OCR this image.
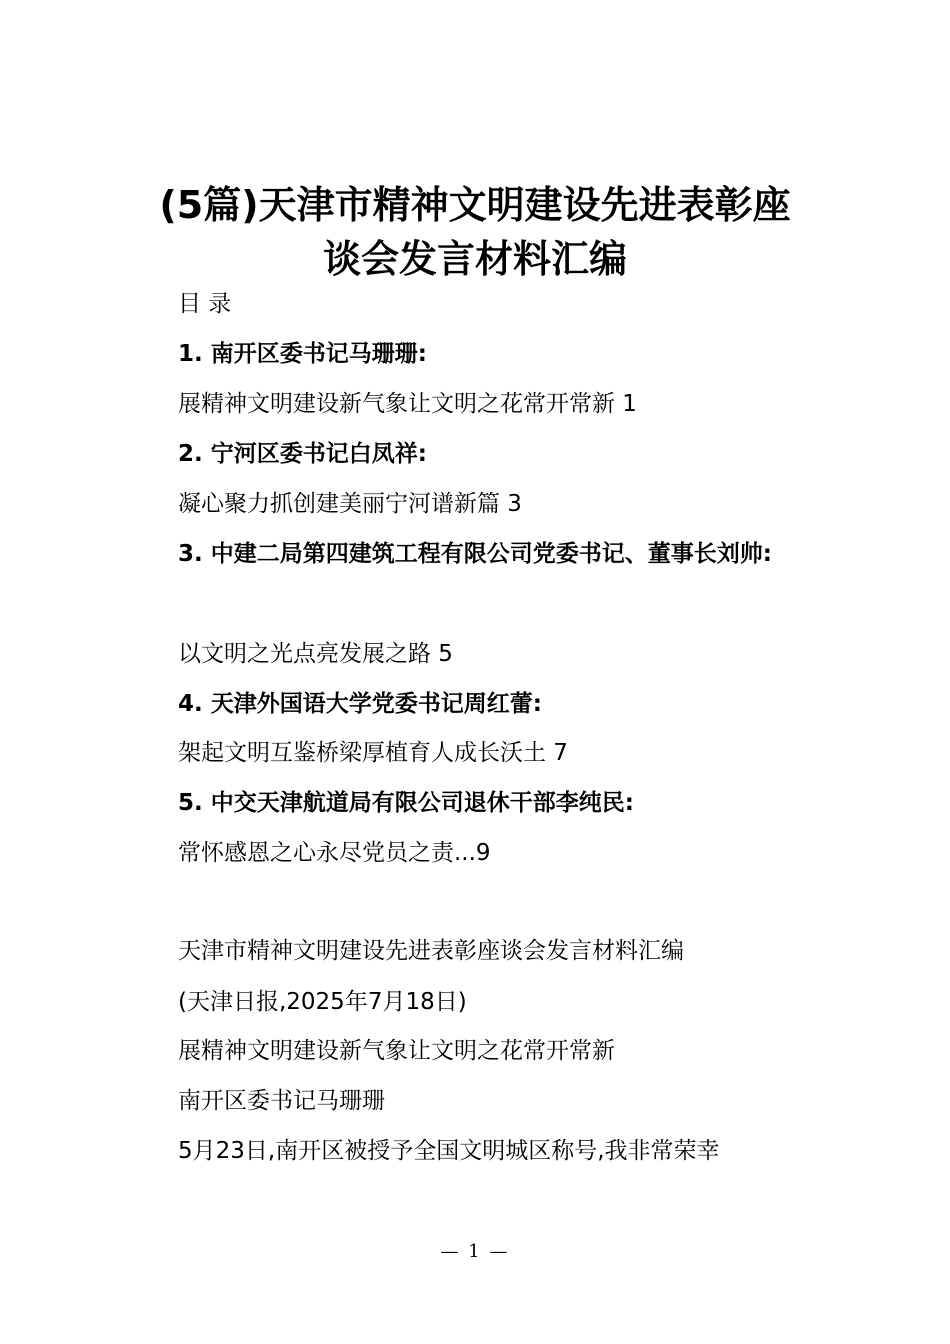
(5篇)天津市精神文明建设先进表彰座
谈会发言材料汇编
目 录
1. 南开区委书记马珊珊:
展精神文明建设新气象让文明之花常开常新 1
2. 宁河区委书记白凤祥:
凝心聚力抓创建美丽宁河谱新篇 3
3. 中建二局第四建筑工程有限公司党委书记、董事长刘帅:
以文明之光点亮发展之路 5
4. 天津外国语大学党委书记周红蕾:
架起文明互鉴桥梁厚植育人成长沃土 7
5. 中交天津航道局有限公司退休干部李纯民:
常怀感恩之心永尽党员之责...9
天津市精神文明建设先进表彰座谈会发言材料汇编
(天津日报,2025年7月18日)
展精神文明建设新气象让文明之花常开常新
南开区委书记马珊珊
5月23日,南开区被授予全国文明城区称号,我非常荣幸
— 1 —
